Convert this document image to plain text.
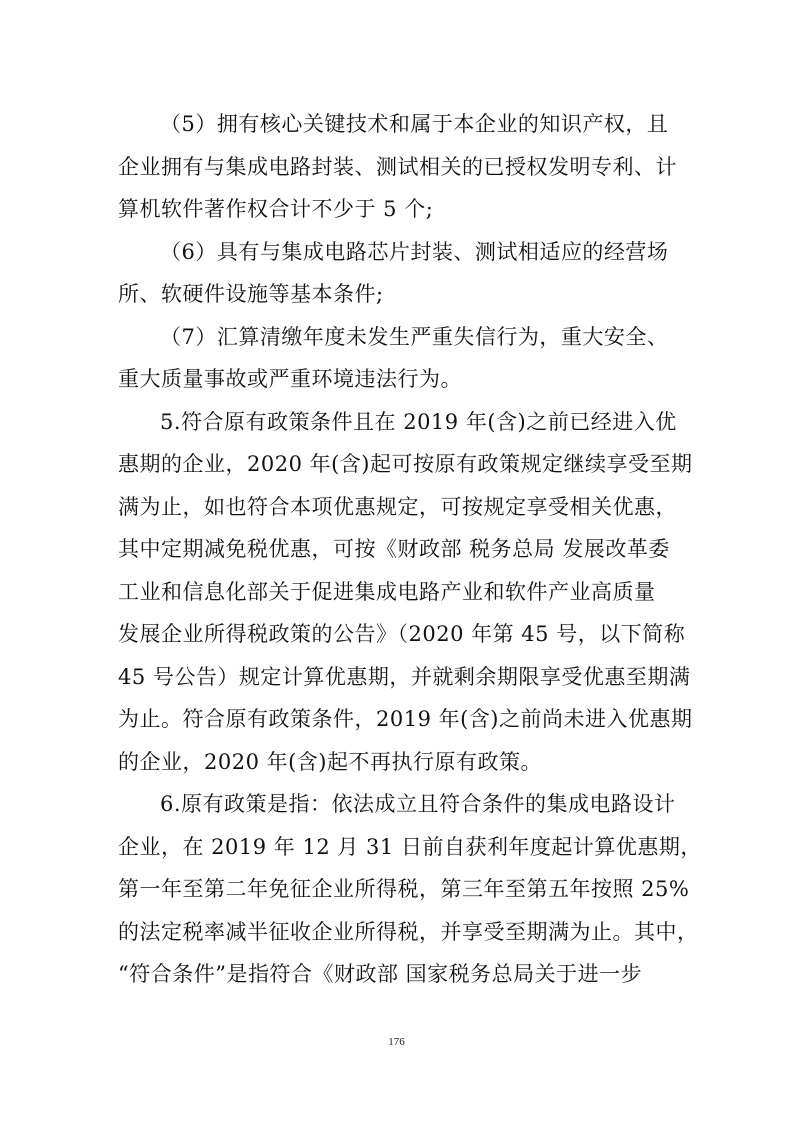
（5）拥有核心关键技术和属于本企业的知识产权，且
企业拥有与集成电路封装、测试相关的已授权发明专利、计
算机软件著作权合计不少于 5 个;
（6）具有与集成电路芯片封装、测试相适应的经营场
所、软硬件设施等基本条件;
（7）汇算清缴年度未发生严重失信行为，重大安全、
重大质量事故或严重环境违法行为。
5.符合原有政策条件且在 2019 年(含)之前已经进入优
惠期的企业，2020 年(含)起可按原有政策规定继续享受至期
满为止，如也符合本项优惠规定，可按规定享受相关优惠，
其中定期减免税优惠，可按《财政部 税务总局 发展改革委
工业和信息化部关于促进集成电路产业和软件产业高质量
发展企业所得税政策的公告》（2020 年第 45 号，以下简称
45 号公告）规定计算优惠期，并就剩余期限享受优惠至期满
为止。符合原有政策条件，2019 年(含)之前尚未进入优惠期
的企业，2020 年(含)起不再执行原有政策。
6.原有政策是指：依法成立且符合条件的集成电路设计
企业，在 2019 年 12 月 31 日前自获利年度起计算优惠期，
第一年至第二年免征企业所得税，第三年至第五年按照 25%
的法定税率减半征收企业所得税，并享受至期满为止。其中，
“符合条件”是指符合《财政部 国家税务总局关于进一步
176
